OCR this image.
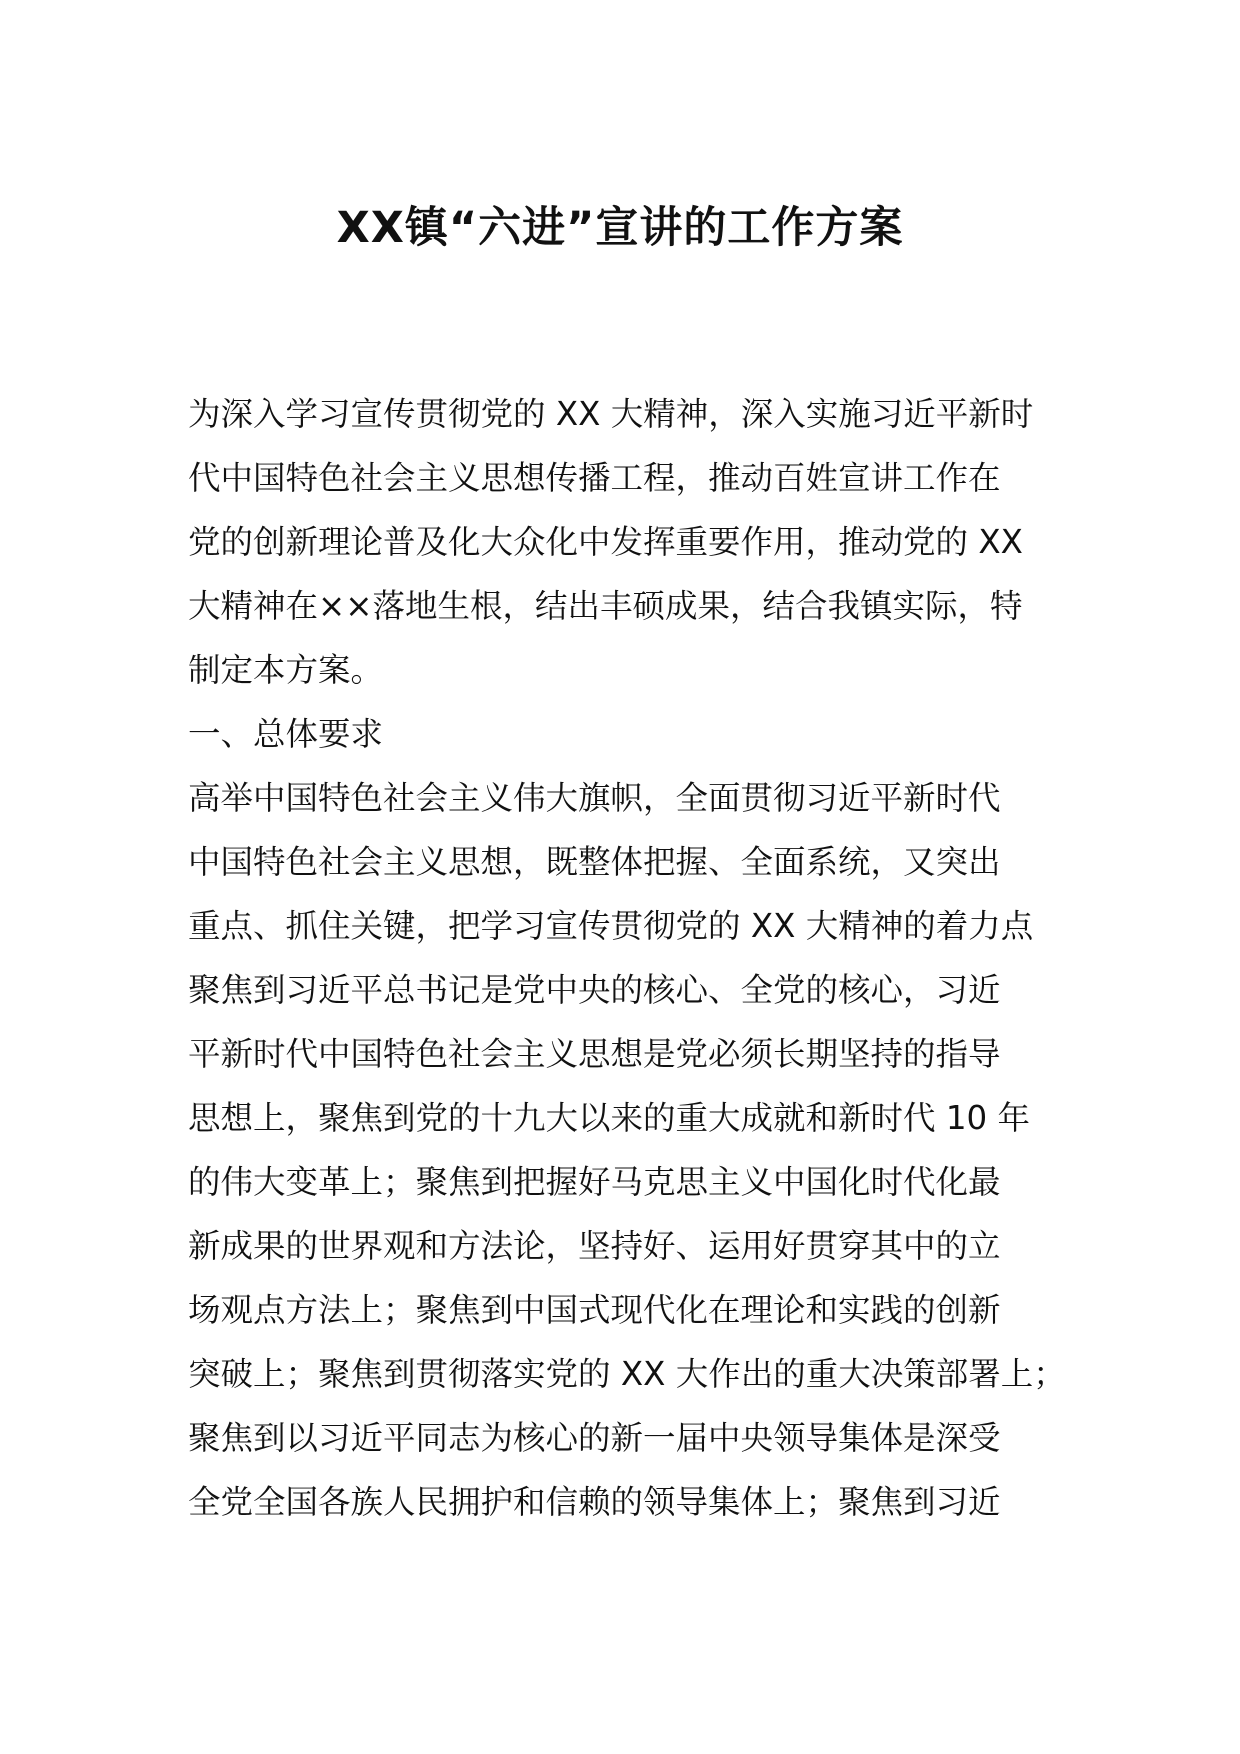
XX镇“六进”宣讲的工作方案
为深入学习宣传贯彻党的 XX 大精神，深入实施习近平新时
代中国特色社会主义思想传播工程，推动百姓宣讲工作在
党的创新理论普及化大众化中发挥重要作用，推动党的 XX
大精神在××落地生根，结出丰硕成果，结合我镇实际，特
制定本方案。
一、总体要求
高举中国特色社会主义伟大旗帜，全面贯彻习近平新时代
中国特色社会主义思想，既整体把握、全面系统，又突出
重点、抓住关键，把学习宣传贯彻党的 XX 大精神的着力点
聚焦到习近平总书记是党中央的核心、全党的核心，习近
平新时代中国特色社会主义思想是党必须长期坚持的指导
思想上，聚焦到党的十九大以来的重大成就和新时代 10 年
的伟大变革上；聚焦到把握好马克思主义中国化时代化最
新成果的世界观和方法论，坚持好、运用好贯穿其中的立
场观点方法上；聚焦到中国式现代化在理论和实践的创新
突破上；聚焦到贯彻落实党的 XX 大作出的重大决策部署上；
聚焦到以习近平同志为核心的新一届中央领导集体是深受
全党全国各族人民拥护和信赖的领导集体上；聚焦到习近
